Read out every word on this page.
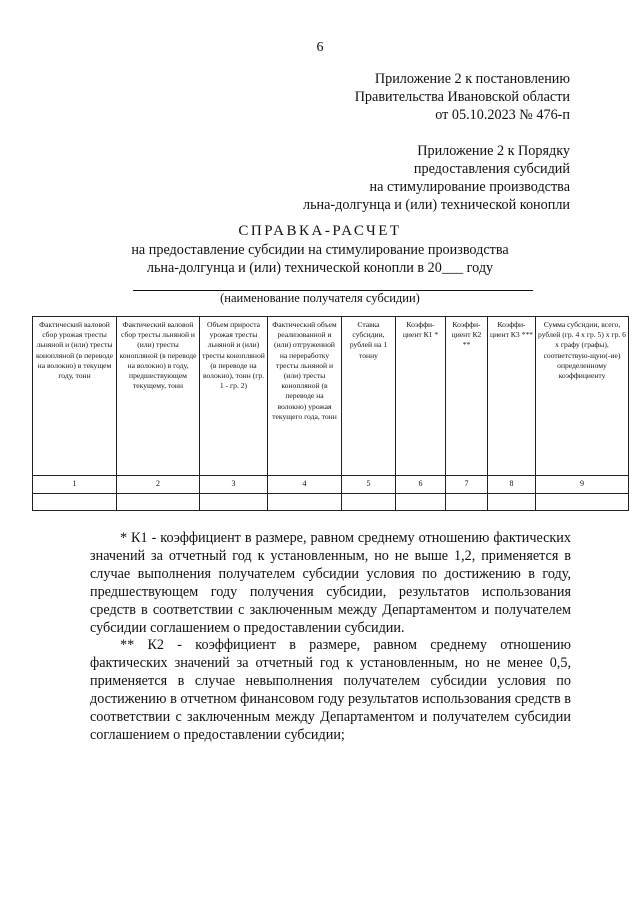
6
Приложение 2 к постановлению
Правительства Ивановской области
от 05.10.2023 № 476-п
Приложение 2 к Порядку
предоставления субсидий
на стимулирование производства
льна-долгунца и (или) технической конопли
СПРАВКА-РАСЧЕТ
на предоставление субсидии на стимулирование производства
льна-долгунца и (или) технической конопли в 20___ году
(наименование получателя субсидии)
Фактический валовой сбор урожая тресты льняной и (или) тресты конопляной (в переводе на волокно) в текущем году, тонн	Фактический валовой сбор тресты льняной и (или) тресты конопляной (в переводе на волокно) в году, предшествующем текущему, тонн	Объем прироста урожая тресты льняной и (или) тресты конопляной (в переводе на волокно), тонн (гр. 1 - гр. 2)	Фактический объем реализованной и (или) отгруженной на переработку тресты льняной и (или) тресты конопляной (в переводе на волокно) урожая текущего года, тонн	Ставка субсидии, рублей на 1 тонну	Коэффи-циент К1 *	Коэффи-циент К2 **	Коэффи-циент К3 ***	Сумма субсидии, всего, рублей (гр. 4 x гр. 5) x гр. 6 x графу (графы), соответствую-щую(-ие) определенному коэффициенту
1	2	3	4	5	6	7	8	9

* К1 - коэффициент в размере, равном среднему отношению фактических значений за отчетный год к установленным, но не выше 1,2, применяется в случае выполнения получателем субсидии условия по достижению в году, предшествующем году получения субсидии, результатов использования средств в соответствии с заключенным между Департаментом и получателем субсидии соглашением о предоставлении субсидии.

** К2 - коэффициент в размере, равном среднему отношению фактических значений за отчетный год к установленным, но не менее 0,5, применяется в случае невыполнения получателем субсидии условия по достижению в отчетном финансовом году результатов использования средств в соответствии с заключенным между Департаментом и получателем субсидии соглашением о предоставлении субсидии;
